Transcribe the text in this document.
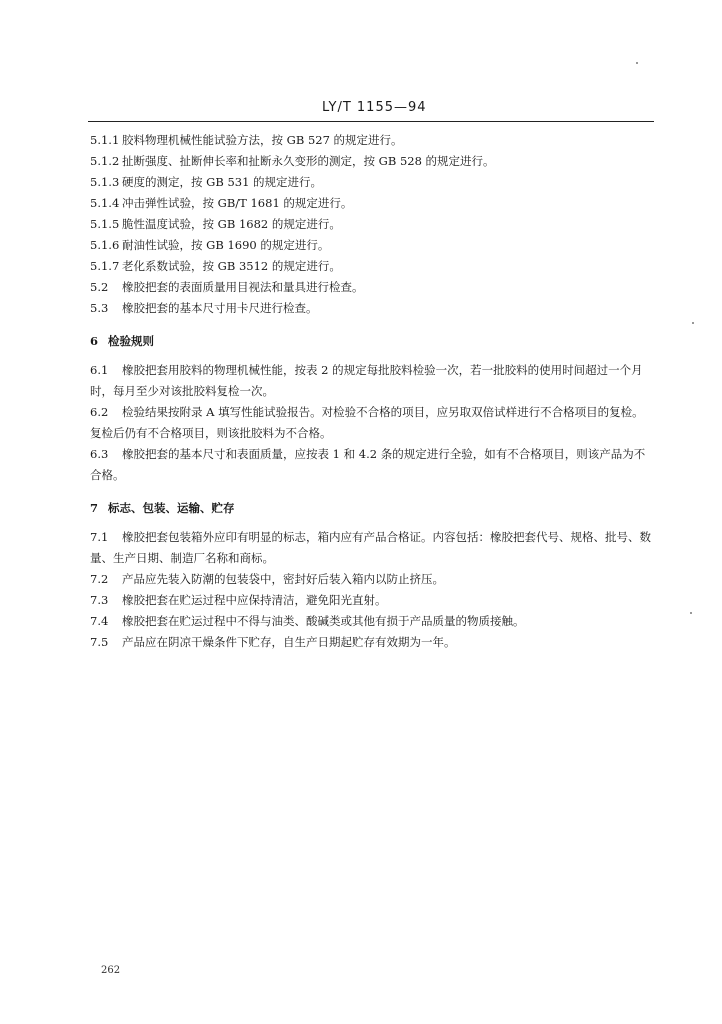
LY/T 1155—94
5.1.1 胶料物理机械性能试验方法，按 GB 527 的规定进行。
5.1.2 扯断强度、扯断伸长率和扯断永久变形的测定，按 GB 528 的规定进行。
5.1.3 硬度的测定，按 GB 531 的规定进行。
5.1.4 冲击弹性试验，按 GB/T 1681 的规定进行。
5.1.5 脆性温度试验，按 GB 1682 的规定进行。
5.1.6 耐油性试验，按 GB 1690 的规定进行。
5.1.7 老化系数试验，按 GB 3512 的规定进行。
5.2 橡胶把套的表面质量用目视法和量具进行检查。
5.3 橡胶把套的基本尺寸用卡尺进行检查。
6 检验规则
6.1 橡胶把套用胶料的物理机械性能，按表 2 的规定每批胶料检验一次，若一批胶料的使用时间超过一个月时，每月至少对该批胶料复检一次。
6.2 检验结果按附录 A 填写性能试验报告。对检验不合格的项目，应另取双倍试样进行不合格项目的复检。复检后仍有不合格项目，则该批胶料为不合格。
6.3 橡胶把套的基本尺寸和表面质量，应按表 1 和 4.2 条的规定进行全验，如有不合格项目，则该产品为不合格。
7 标志、包装、运输、贮存
7.1 橡胶把套包装箱外应印有明显的标志，箱内应有产品合格证。内容包括：橡胶把套代号、规格、批号、数量、生产日期、制造厂名称和商标。
7.2 产品应先装入防潮的包装袋中，密封好后装入箱内以防止挤压。
7.3 橡胶把套在贮运过程中应保持清洁，避免阳光直射。
7.4 橡胶把套在贮运过程中不得与油类、酸碱类或其他有损于产品质量的物质接触。
7.5 产品应在阴凉干燥条件下贮存，自生产日期起贮存有效期为一年。
262
